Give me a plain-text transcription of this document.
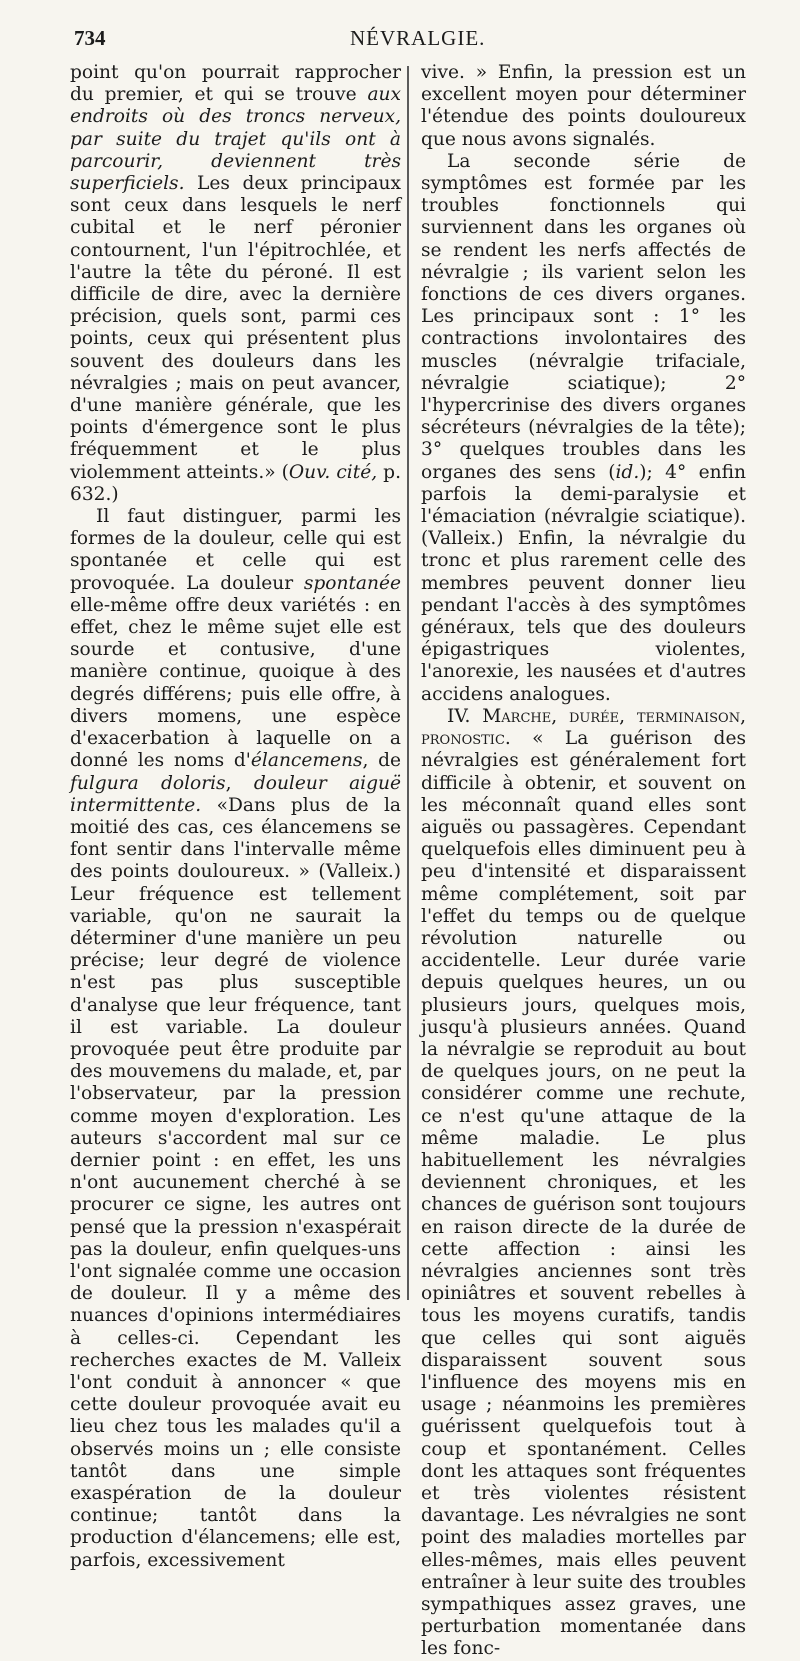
734	NÉVRALGIE.

point qu'on pourrait rapprocher du premier, et qui se trouve aux endroits où des troncs nerveux, par suite du trajet qu'ils ont à parcourir, deviennent très superficiels. Les deux principaux sont ceux dans lesquels le nerf cubital et le nerf péronier contournent, l'un l'épitrochlée, et l'autre la tête du péroné. Il est difficile de dire, avec la dernière précision, quels sont, parmi ces points, ceux qui présentent plus souvent des douleurs dans les névralgies ; mais on peut avancer, d'une manière générale, que les points d'émergence sont le plus fréquemment et le plus violemment atteints.» (Ouv. cité, p. 632.)

Il faut distinguer, parmi les formes de la douleur, celle qui est spontanée et celle qui est provoquée. La douleur spontanée elle-même offre deux variétés : en effet, chez le même sujet elle est sourde et contusive, d'une manière continue, quoique à des degrés différens; puis elle offre, à divers momens, une espèce d'exacerbation à laquelle on a donné les noms d'élancemens, de fulgura doloris, douleur aiguë intermittente. «Dans plus de la moitié des cas, ces élancemens se font sentir dans l'intervalle même des points douloureux. » (Valleix.) Leur fréquence est tellement variable, qu'on ne saurait la déterminer d'une manière un peu précise; leur degré de violence n'est pas plus susceptible d'analyse que leur fréquence, tant il est variable. La douleur provoquée peut être produite par des mouvemens du malade, et, par l'observateur, par la pression comme moyen d'exploration. Les auteurs s'accordent mal sur ce dernier point : en effet, les uns n'ont aucunement cherché à se procurer ce signe, les autres ont pensé que la pression n'exaspérait pas la douleur, enfin quelques-uns l'ont signalée comme une occasion de douleur. Il y a même des nuances d'opinions intermédiaires à celles-ci. Cependant les recherches exactes de M. Valleix l'ont conduit à annoncer « que cette douleur provoquée avait eu lieu chez tous les malades qu'il a observés moins un ; elle consiste tantôt dans une simple exaspération de la douleur continue; tantôt dans la production d'élancemens; elle est, parfois, excessivement

vive. » Enfin, la pression est un excellent moyen pour déterminer l'étendue des points douloureux que nous avons signalés.

La seconde série de symptômes est formée par les troubles fonctionnels qui surviennent dans les organes où se rendent les nerfs affectés de névralgie ; ils varient selon les fonctions de ces divers organes. Les principaux sont : 1° les contractions involontaires des muscles (névralgie trifaciale, névralgie sciatique); 2° l'hypercrinise des divers organes sécréteurs (névralgies de la tête); 3° quelques troubles dans les organes des sens (id.); 4° enfin parfois la demi-paralysie et l'émaciation (névralgie sciatique). (Valleix.) Enfin, la névralgie du tronc et plus rarement celle des membres peuvent donner lieu pendant l'accès à des symptômes généraux, tels que des douleurs épigastriques violentes, l'anorexie, les nausées et d'autres accidens analogues.

IV. Marche, durée, terminaison, pronostic. « La guérison des névralgies est généralement fort difficile à obtenir, et souvent on les méconnaît quand elles sont aiguës ou passagères. Cependant quelquefois elles diminuent peu à peu d'intensité et disparaissent même complétement, soit par l'effet du temps ou de quelque révolution naturelle ou accidentelle. Leur durée varie depuis quelques heures, un ou plusieurs jours, quelques mois, jusqu'à plusieurs années. Quand la névralgie se reproduit au bout de quelques jours, on ne peut la considérer comme une rechute, ce n'est qu'une attaque de la même maladie. Le plus habituellement les névralgies deviennent chroniques, et les chances de guérison sont toujours en raison directe de la durée de cette affection : ainsi les névralgies anciennes sont très opiniâtres et souvent rebelles à tous les moyens curatifs, tandis que celles qui sont aiguës disparaissent souvent sous l'influence des moyens mis en usage ; néanmoins les premières guérissent quelquefois tout à coup et spontanément. Celles dont les attaques sont fréquentes et très violentes résistent davantage. Les névralgies ne sont point des maladies mortelles par elles-mêmes, mais elles peuvent entraîner à leur suite des troubles sympathiques assez graves, une perturbation momentanée dans les fonc-
